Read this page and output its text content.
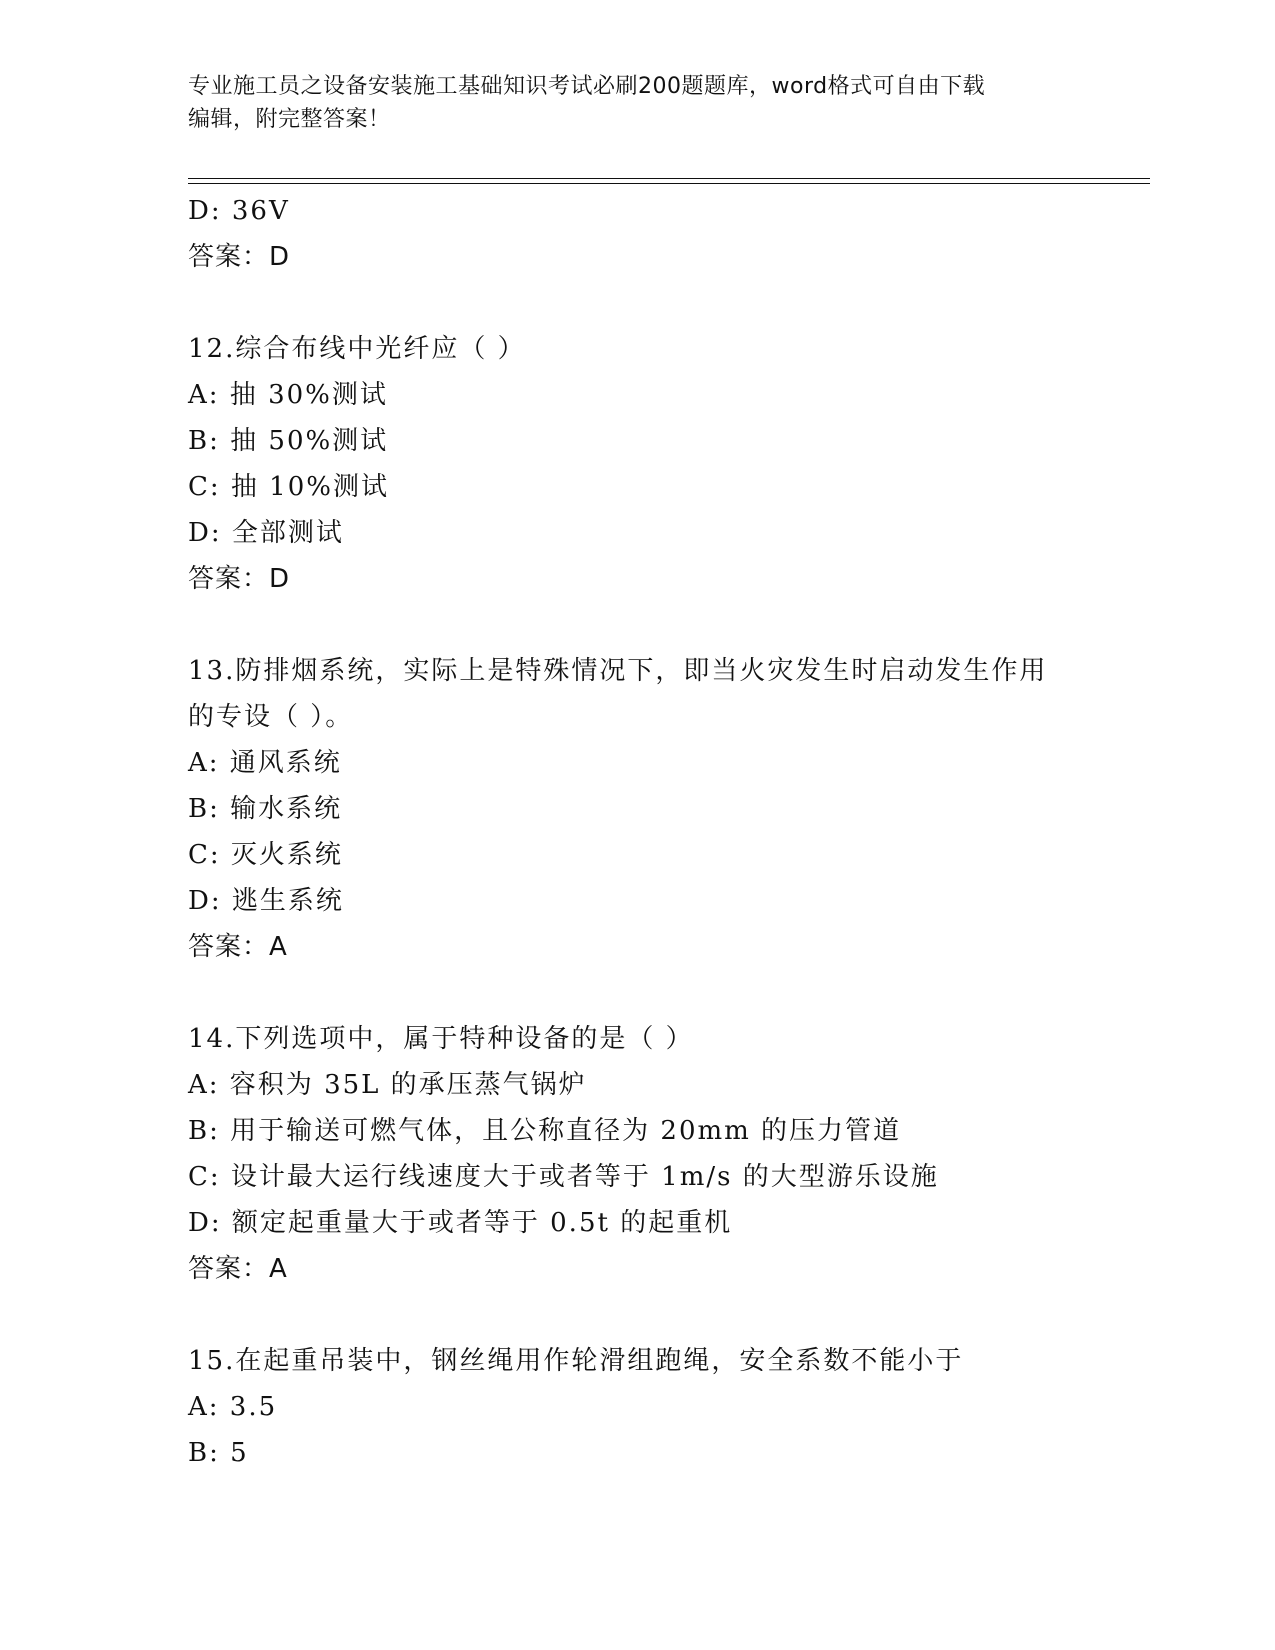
专业施工员之设备安装施工基础知识考试必刷200题题库，word格式可自由下载
编辑，附完整答案！
D: 36V
答案：D
12.综合布线中光纤应（ ）
A: 抽 30%测试
B: 抽 50%测试
C: 抽 10%测试
D: 全部测试
答案：D
13.防排烟系统，实际上是特殊情况下，即当火灾发生时启动发生作用
的专设（ ）。
A: 通风系统
B: 输水系统
C: 灭火系统
D: 逃生系统
答案：A
14.下列选项中，属于特种设备的是（ ）
A: 容积为 35L 的承压蒸气锅炉
B: 用于输送可燃气体，且公称直径为 20mm 的压力管道
C: 设计最大运行线速度大于或者等于 1m/s 的大型游乐设施
D: 额定起重量大于或者等于 0.5t 的起重机
答案：A
15.在起重吊装中，钢丝绳用作轮滑组跑绳，安全系数不能小于
A: 3.5
B: 5
